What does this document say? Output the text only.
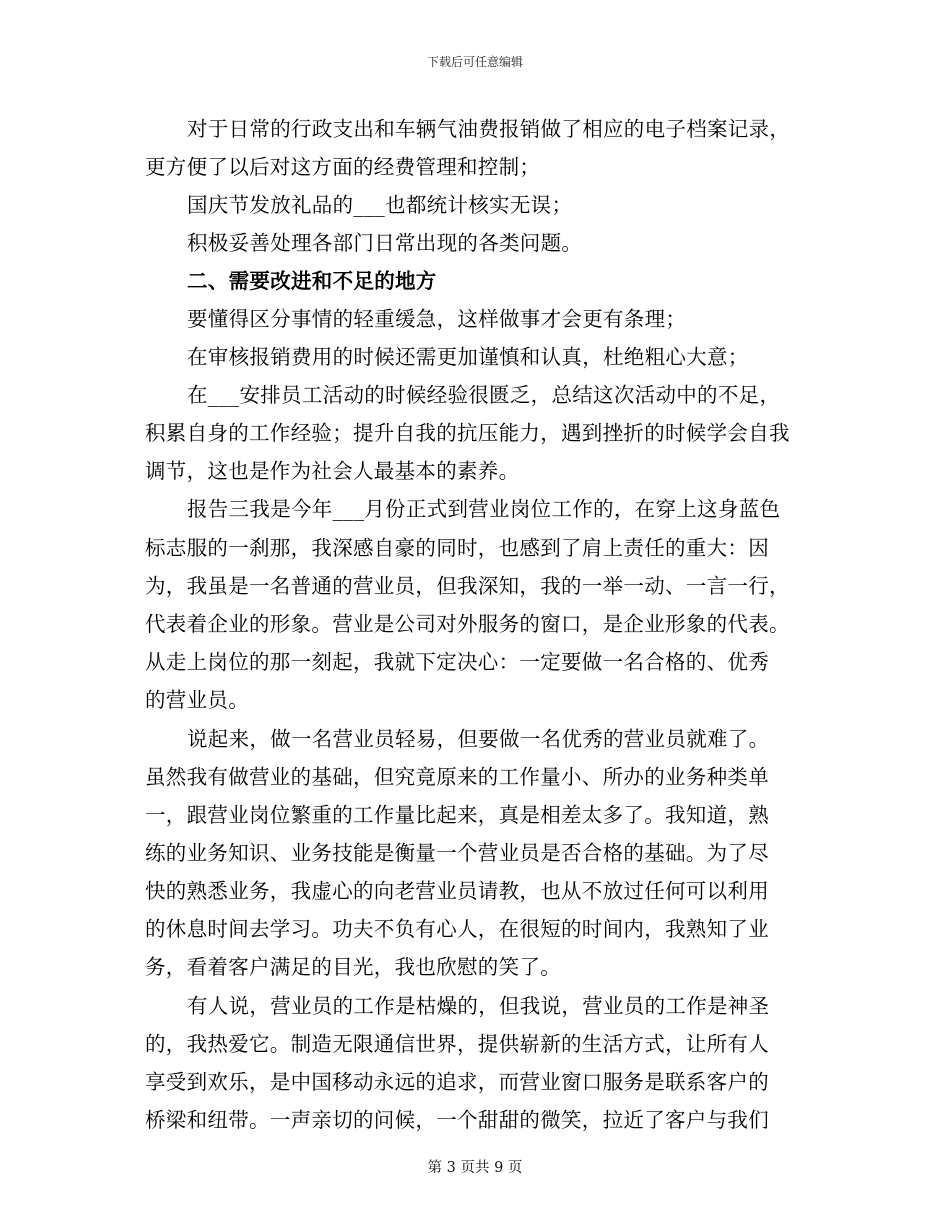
下载后可任意编辑
对于日常的行政支出和车辆气油费报销做了相应的电子档案记录，
更方便了以后对这方面的经费管理和控制；
国庆节发放礼品的___也都统计核实无误；
积极妥善处理各部门日常出现的各类问题。
二、需要改进和不足的地方
要懂得区分事情的轻重缓急，这样做事才会更有条理；
在审核报销费用的时候还需更加谨慎和认真，杜绝粗心大意；
在___安排员工活动的时候经验很匮乏，总结这次活动中的不足，
积累自身的工作经验；提升自我的抗压能力，遇到挫折的时候学会自我
调节，这也是作为社会人最基本的素养。
报告三我是今年___月份正式到营业岗位工作的，在穿上这身蓝色
标志服的一刹那，我深感自豪的同时，也感到了肩上责任的重大：因
为，我虽是一名普通的营业员，但我深知，我的一举一动、一言一行，
代表着企业的形象。营业是公司对外服务的窗口，是企业形象的代表。
从走上岗位的那一刻起，我就下定决心：一定要做一名合格的、优秀
的营业员。
说起来，做一名营业员轻易，但要做一名优秀的营业员就难了。
虽然我有做营业的基础，但究竟原来的工作量小、所办的业务种类单
一，跟营业岗位繁重的工作量比起来，真是相差太多了。我知道，熟
练的业务知识、业务技能是衡量一个营业员是否合格的基础。为了尽
快的熟悉业务，我虚心的向老营业员请教，也从不放过任何可以利用
的休息时间去学习。功夫不负有心人，在很短的时间内，我熟知了业
务，看着客户满足的目光，我也欣慰的笑了。
有人说，营业员的工作是枯燥的，但我说，营业员的工作是神圣
的，我热爱它。制造无限通信世界，提供崭新的生活方式，让所有人
享受到欢乐，是中国移动永远的追求，而营业窗口服务是联系客户的
桥梁和纽带。一声亲切的问候，一个甜甜的微笑，拉近了客户与我们
第 3 页共 9 页
